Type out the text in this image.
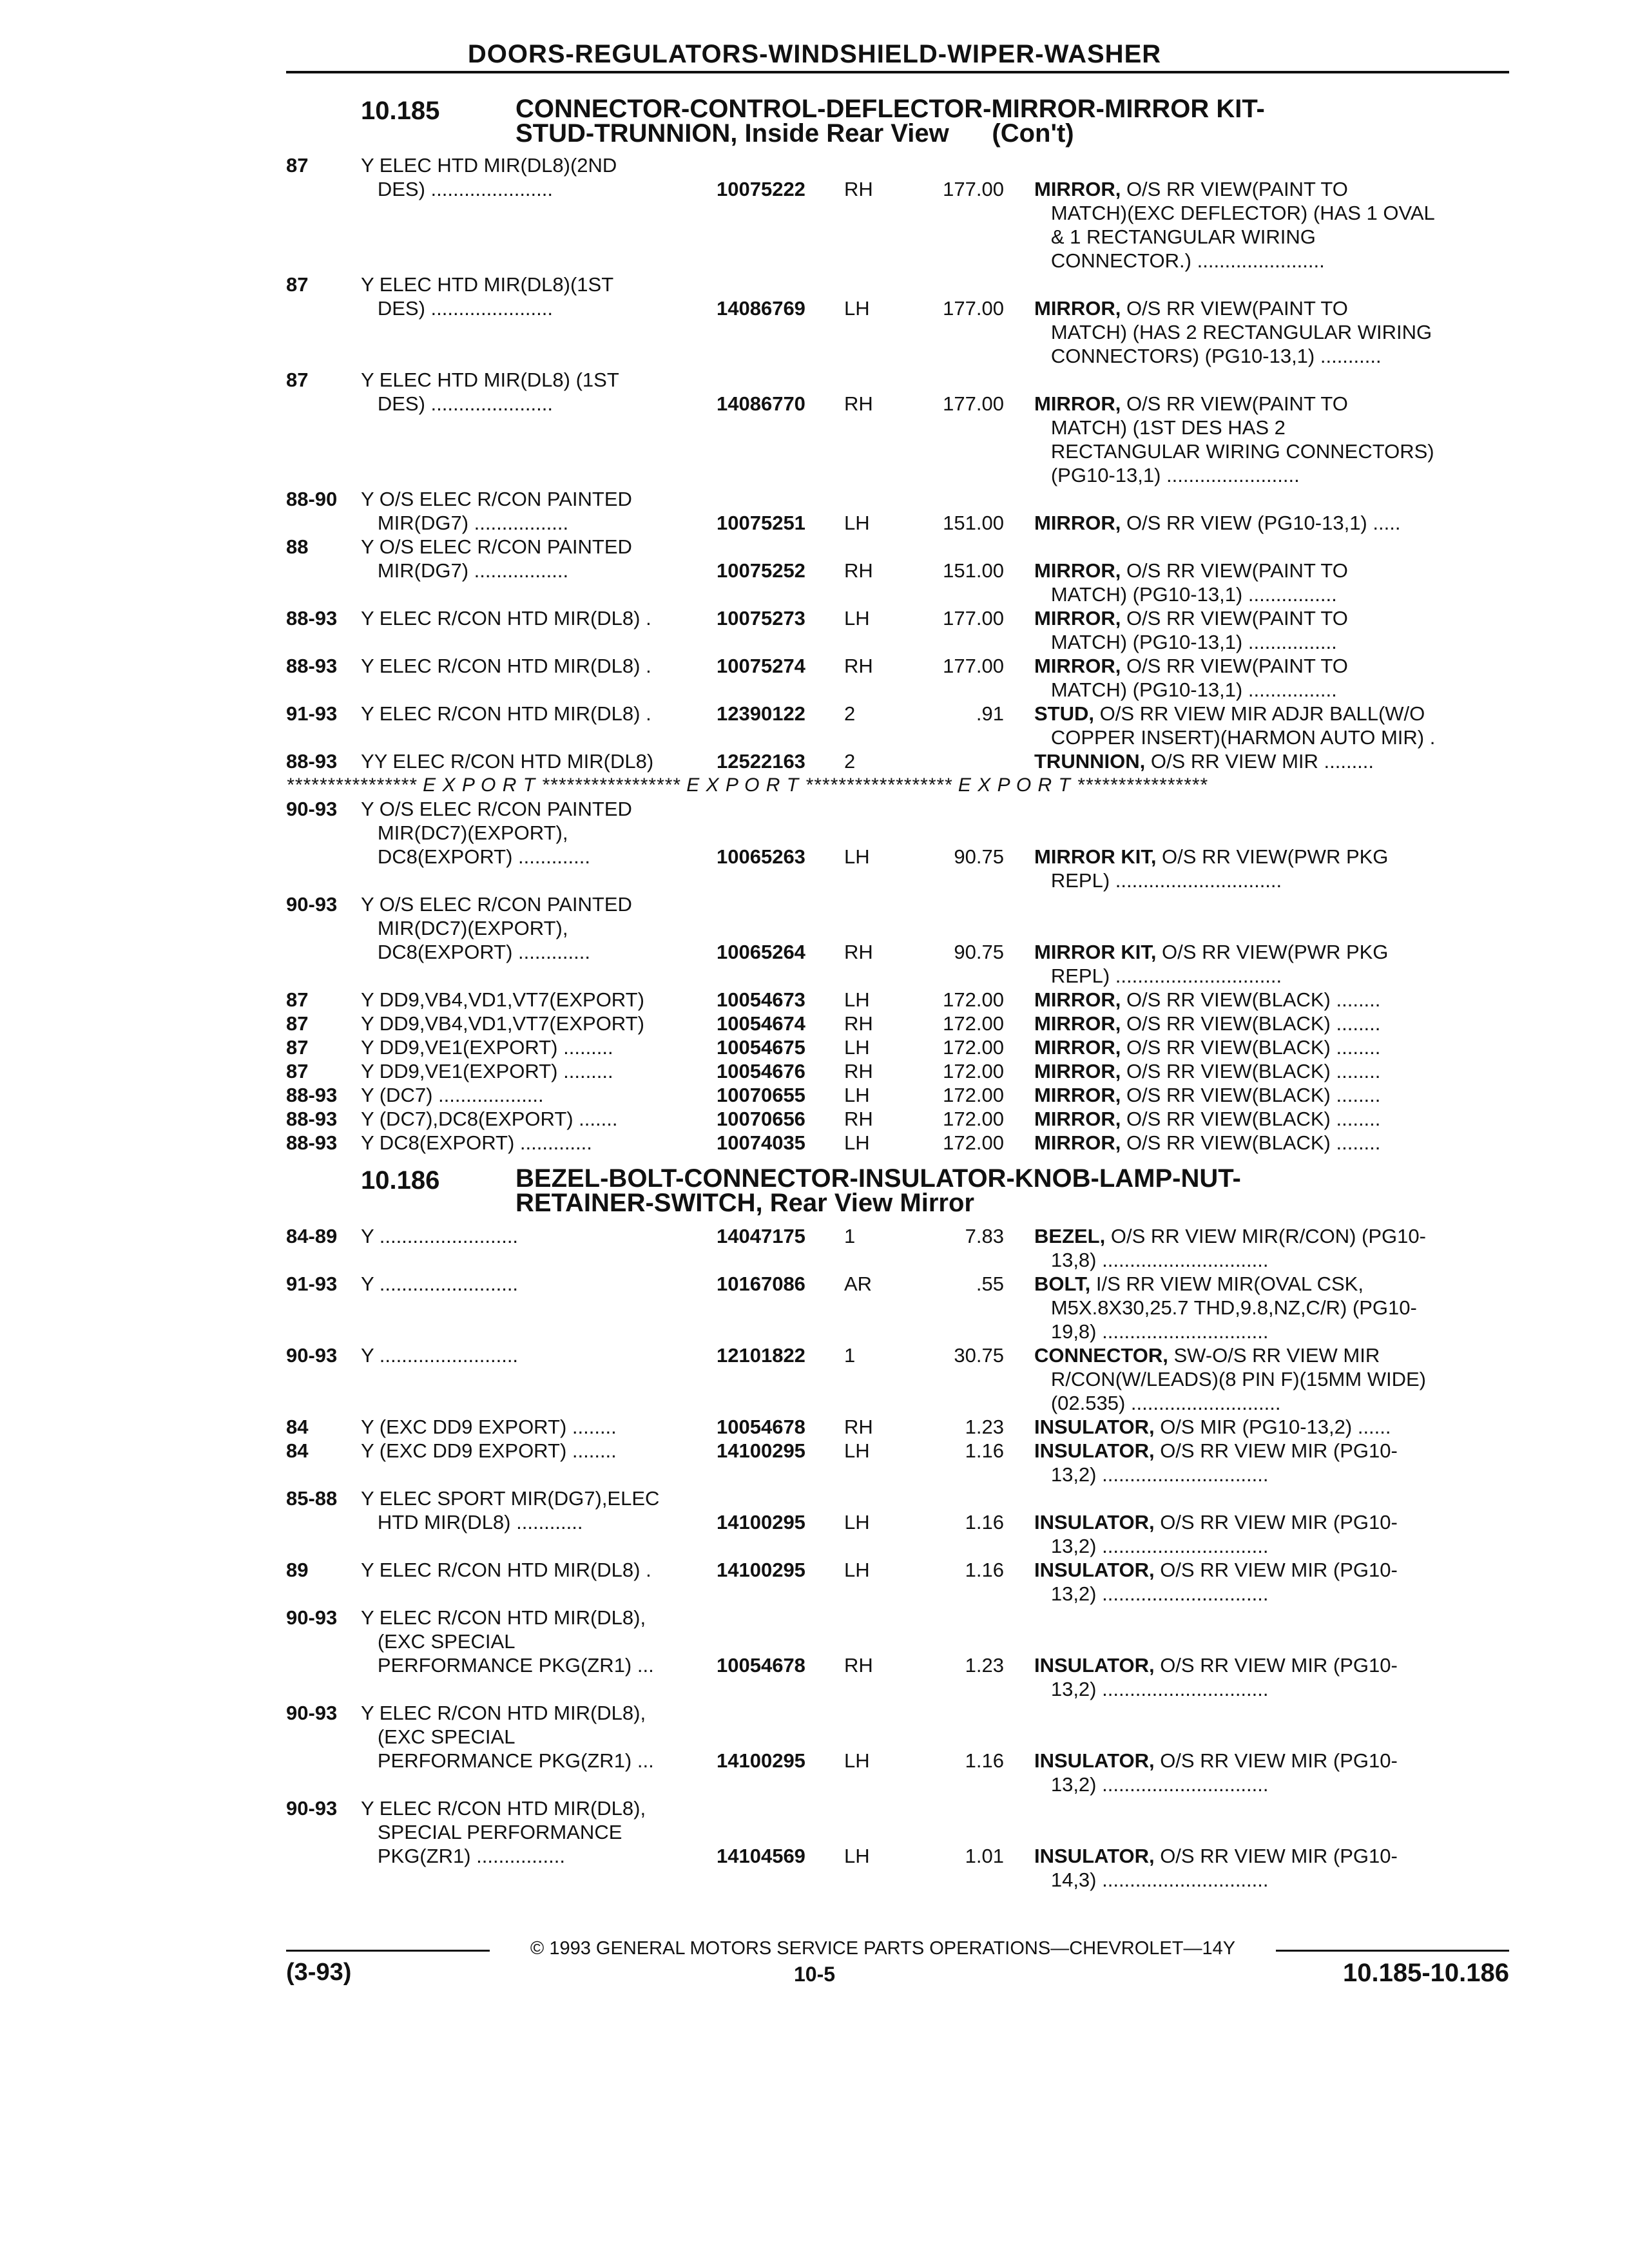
DOORS-REGULATORS-WINDSHIELD-WIPER-WASHER
10.185	CONNECTOR-CONTROL-DEFLECTOR-MIRROR-MIRROR KIT-
STUD-TRUNNION, Inside Rear View      (Con't)
87	Y ELEC HTD MIR(DL8)(2ND
DES) ......................	10075222 RH	177.00 MIRROR, O/S RR VIEW(PAINT TO
MATCH)(EXC DEFLECTOR) (HAS 1 OVAL
& 1 RECTANGULAR WIRING
CONNECTOR.) .......................
87	Y ELEC HTD MIR(DL8)(1ST
DES) ......................	14086769 LH	177.00 MIRROR, O/S RR VIEW(PAINT TO
MATCH) (HAS 2 RECTANGULAR WIRING
CONNECTORS) (PG10-13,1) ...........
87	Y ELEC HTD MIR(DL8) (1ST
DES) ......................	14086770 RH	177.00 MIRROR, O/S RR VIEW(PAINT TO
MATCH) (1ST DES HAS 2
RECTANGULAR WIRING CONNECTORS)
(PG10-13,1) ........................
88-90 Y O/S ELEC R/CON PAINTED
MIR(DG7) .................	10075251 LH	151.00 MIRROR, O/S RR VIEW (PG10-13,1) .....
88	Y O/S ELEC R/CON PAINTED
MIR(DG7) .................	10075252 RH	151.00 MIRROR, O/S RR VIEW(PAINT TO
MATCH) (PG10-13,1) ................
88-93 Y ELEC R/CON HTD MIR(DL8) .	10075273 LH	177.00 MIRROR, O/S RR VIEW(PAINT TO
MATCH) (PG10-13,1) ................
88-93 Y ELEC R/CON HTD MIR(DL8) .	10075274 RH	177.00 MIRROR, O/S RR VIEW(PAINT TO
MATCH) (PG10-13,1) ................
91-93 Y ELEC R/CON HTD MIR(DL8) .	12390122 2	.91 STUD, O/S RR VIEW MIR ADJR BALL(W/O
COPPER INSERT)(HARMON AUTO MIR) .
88-93 YY ELEC R/CON HTD MIR(DL8)	12522163 2	TRUNNION, O/S RR VIEW MIR .........
**************** E X P O R T ***************** E X P O R T ****************** E X P O R T ****************
90-93 Y O/S ELEC R/CON PAINTED
MIR(DC7)(EXPORT),
DC8(EXPORT) .............	10065263 LH	90.75 MIRROR KIT, O/S RR VIEW(PWR PKG
REPL) ..............................
90-93 Y O/S ELEC R/CON PAINTED
MIR(DC7)(EXPORT),
DC8(EXPORT) .............	10065264 RH	90.75 MIRROR KIT, O/S RR VIEW(PWR PKG
REPL) ..............................
87	Y DD9,VB4,VD1,VT7(EXPORT)	10054673 LH	172.00 MIRROR, O/S RR VIEW(BLACK) ........
87	Y DD9,VB4,VD1,VT7(EXPORT)	10054674 RH	172.00 MIRROR, O/S RR VIEW(BLACK) ........
87	Y DD9,VE1(EXPORT) .........	10054675 LH	172.00 MIRROR, O/S RR VIEW(BLACK) ........
87	Y DD9,VE1(EXPORT) .........	10054676 RH	172.00 MIRROR, O/S RR VIEW(BLACK) ........
88-93 Y (DC7) ...................	10070655 LH	172.00 MIRROR, O/S RR VIEW(BLACK) ........
88-93 Y (DC7),DC8(EXPORT) .......	10070656 RH	172.00 MIRROR, O/S RR VIEW(BLACK) ........
88-93 Y DC8(EXPORT) .............	10074035 LH	172.00 MIRROR, O/S RR VIEW(BLACK) ........
10.186	BEZEL-BOLT-CONNECTOR-INSULATOR-KNOB-LAMP-NUT-
RETAINER-SWITCH, Rear View Mirror
84-89 Y .........................	14047175 1	7.83 BEZEL, O/S RR VIEW MIR(R/CON) (PG10-
13,8) ..............................
91-93 Y .........................	10167086 AR	.55 BOLT, I/S RR VIEW MIR(OVAL CSK,
M5X.8X30,25.7 THD,9.8,NZ,C/R) (PG10-
19,8) ..............................
90-93 Y .........................	12101822 1	30.75 CONNECTOR, SW-O/S RR VIEW MIR
R/CON(W/LEADS)(8 PIN F)(15MM WIDE)
(02.535) ...........................
84	Y (EXC DD9 EXPORT) ........	10054678 RH	1.23 INSULATOR, O/S MIR (PG10-13,2) ......
84	Y (EXC DD9 EXPORT) ........	14100295 LH	1.16 INSULATOR, O/S RR VIEW MIR (PG10-
13,2) ..............................
85-88 Y ELEC SPORT MIR(DG7),ELEC
HTD MIR(DL8) ............	14100295 LH	1.16 INSULATOR, O/S RR VIEW MIR (PG10-
13,2) ..............................
89	Y ELEC R/CON HTD MIR(DL8) .	14100295 LH	1.16 INSULATOR, O/S RR VIEW MIR (PG10-
13,2) ..............................
90-93 Y ELEC R/CON HTD MIR(DL8),
(EXC SPECIAL
PERFORMANCE PKG(ZR1) ...	10054678 RH	1.23 INSULATOR, O/S RR VIEW MIR (PG10-
13,2) ..............................
90-93 Y ELEC R/CON HTD MIR(DL8),
(EXC SPECIAL
PERFORMANCE PKG(ZR1) ...	14100295 LH	1.16 INSULATOR, O/S RR VIEW MIR (PG10-
13,2) ..............................
90-93 Y ELEC R/CON HTD MIR(DL8),
SPECIAL PERFORMANCE
PKG(ZR1) ................	14104569 LH	1.01 INSULATOR, O/S RR VIEW MIR (PG10-
14,3) ..............................
© 1993 GENERAL MOTORS SERVICE PARTS OPERATIONS—CHEVROLET—14Y
(3-93)	10-5	10.185-10.186
